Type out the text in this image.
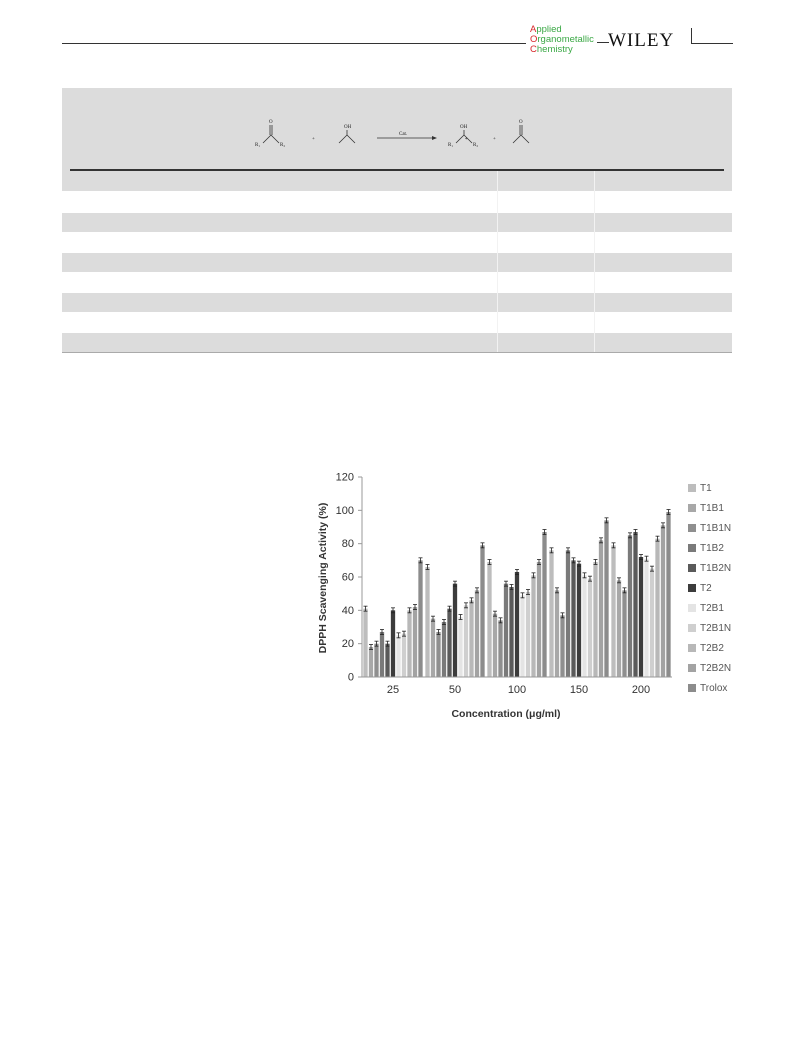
Applied
Organometallic
Chemistry	WILEY
O
R₁	R₂
+
OH
Cat.
OH
R₁	R₂
*	+
O
0
20
40
60
80
100
120
25	50	100	150	200
DPPH Scavenging Activity (%)
Concentration (μg/ml)
T1
T1B1
T1B1N
T1B2
T1B2N
T2
T2B1
T2B1N
T2B2
T2B2N
Trolox
